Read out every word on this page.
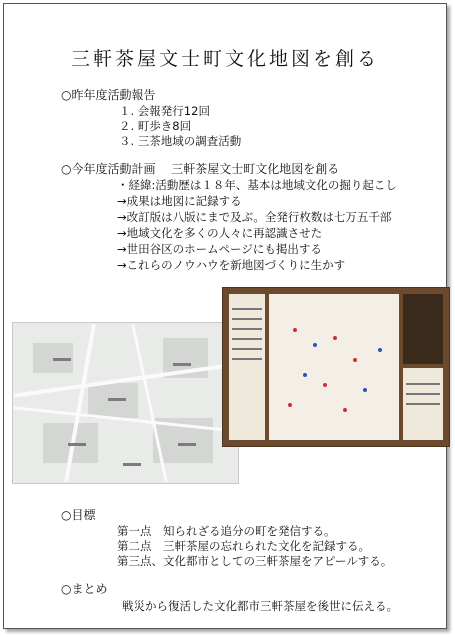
三軒茶屋文士町文化地図を創る
○昨年度活動報告
１. 会報発行12回
２. 町歩き8回
３. 三茶地域の調査活動
○今年度活動計画　 三軒茶屋文士町文化地図を創る
・経緯:活動歴は１８年、基本は地域文化の掘り起こし
→成果は地図に記録する
→改訂版は八版にまで及ぶ。全発行枚数は七万五千部
→地域文化を多くの人々に再認識させた
→世田谷区のホームページにも掲出する
→これらのノウハウを新地図づくりに生かす
○目標
第一点　知られざる追分の町を発信する。
第二点　三軒茶屋の忘れられた文化を記録する。
第三点、文化都市としての三軒茶屋をアピールする。
○まとめ
戦災から復活した文化都市三軒茶屋を後世に伝える。
